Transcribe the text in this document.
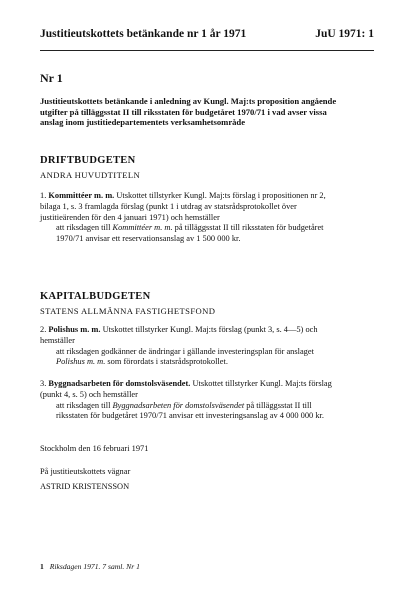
Justitieutskottets betänkande nr 1 år 1971	JuU 1971: 1
Nr 1
Justitieutskottets betänkande i anledning av Kungl. Maj:ts proposition angående utgifter på tilläggsstat II till riksstaten för budgetåret 1970/71 i vad avser vissa anslag inom justitiedepartementets verksamhetsområde
DRIFTBUDGETEN
ANDRA HUVUDTITELN
1. Kommittéer m. m. Utskottet tillstyrker Kungl. Maj:ts förslag i propositionen nr 2, bilaga 1, s. 3 framlagda förslag (punkt 1 i utdrag av statsrådsprotokollet över justitieärenden för den 4 januari 1971) och hemställer
att riksdagen till Kommittéer m. m. på tilläggsstat II till riksstaten för budgetåret 1970/71 anvisar ett reservationsanslag av 1 500 000 kr.
KAPITALBUDGETEN
STATENS ALLMÄNNA FASTIGHETSFOND
2. Polishus m. m. Utskottet tillstyrker Kungl. Maj:ts förslag (punkt 3, s. 4—5) och hemställer
att riksdagen godkänner de ändringar i gällande investeringsplan för anslaget Polishus m. m. som förordats i statsrådsprotokollet.
3. Byggnadsarbeten för domstolsväsendet. Utskottet tillstyrker Kungl. Maj:ts förslag (punkt 4, s. 5) och hemställer
att riksdagen till Byggnadsarbeten för domstolsväsendet på tilläggsstat II till riksstaten för budgetåret 1970/71 anvisar ett investeringsanslag av 4 000 000 kr.
Stockholm den 16 februari 1971
På justitieutskottets vägnar
ASTRID KRISTENSSON
1 Riksdagen 1971. 7 saml. Nr 1
